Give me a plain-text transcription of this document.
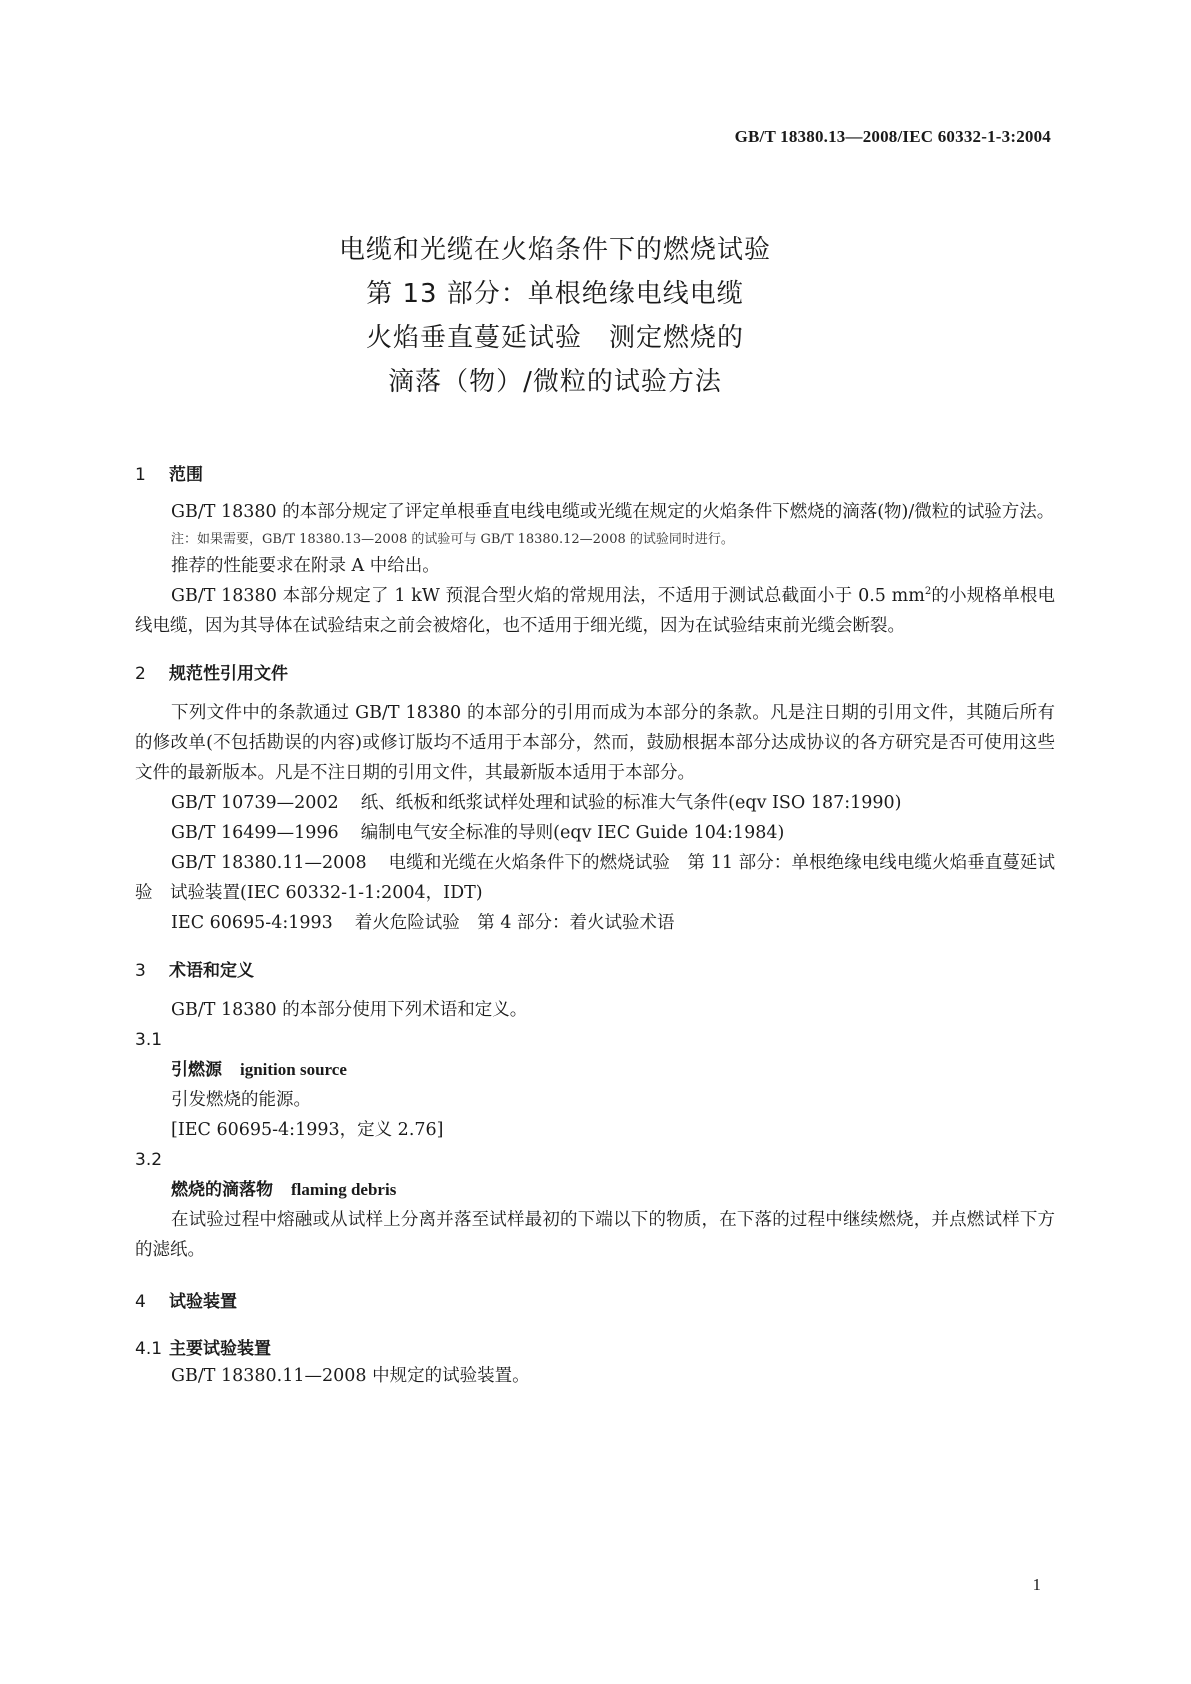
GB/T 18380.13—2008/IEC 60332-1-3:2004
电缆和光缆在火焰条件下的燃烧试验
第 13 部分：单根绝缘电线电缆
火焰垂直蔓延试验　测定燃烧的
滴落（物）/微粒的试验方法
1 范围
GB/T 18380 的本部分规定了评定单根垂直电线电缆或光缆在规定的火焰条件下燃烧的滴落(物)/微粒的试验方法。
注：如果需要，GB/T 18380.13—2008 的试验可与 GB/T 18380.12—2008 的试验同时进行。
推荐的性能要求在附录 A 中给出。
GB/T 18380 本部分规定了 1 kW 预混合型火焰的常规用法，不适用于测试总截面小于 0.5 $mm^2$的小规格单根电线电缆，因为其导体在试验结束之前会被熔化，也不适用于细光缆，因为在试验结束前光缆会断裂。
2 规范性引用文件
下列文件中的条款通过 GB/T 18380 的本部分的引用而成为本部分的条款。凡是注日期的引用文件，其随后所有的修改单(不包括勘误的内容)或修订版均不适用于本部分，然而，鼓励根据本部分达成协议的各方研究是否可使用这些文件的最新版本。凡是不注日期的引用文件，其最新版本适用于本部分。
GB/T 10739—2002 纸、纸板和纸浆试样处理和试验的标准大气条件(eqv ISO 187:1990)
GB/T 16499—1996 编制电气安全标准的导则(eqv IEC Guide 104:1984)
GB/T 18380.11—2008 电缆和光缆在火焰条件下的燃烧试验　第 11 部分：单根绝缘电线电缆火焰垂直蔓延试验　试验装置(IEC 60332-1-1:2004，IDT)
IEC 60695-4:1993 着火危险试验　第 4 部分：着火试验术语
3 术语和定义
GB/T 18380 的本部分使用下列术语和定义。
3.1
引燃源 ignition source
引发燃烧的能源。
[IEC 60695-4:1993，定义 2.76]
3.2
燃烧的滴落物 flaming debris
在试验过程中熔融或从试样上分离并落至试样最初的下端以下的物质，在下落的过程中继续燃烧，并点燃试样下方的滤纸。
4 试验装置
4.1 主要试验装置
GB/T 18380.11—2008 中规定的试验装置。
1
